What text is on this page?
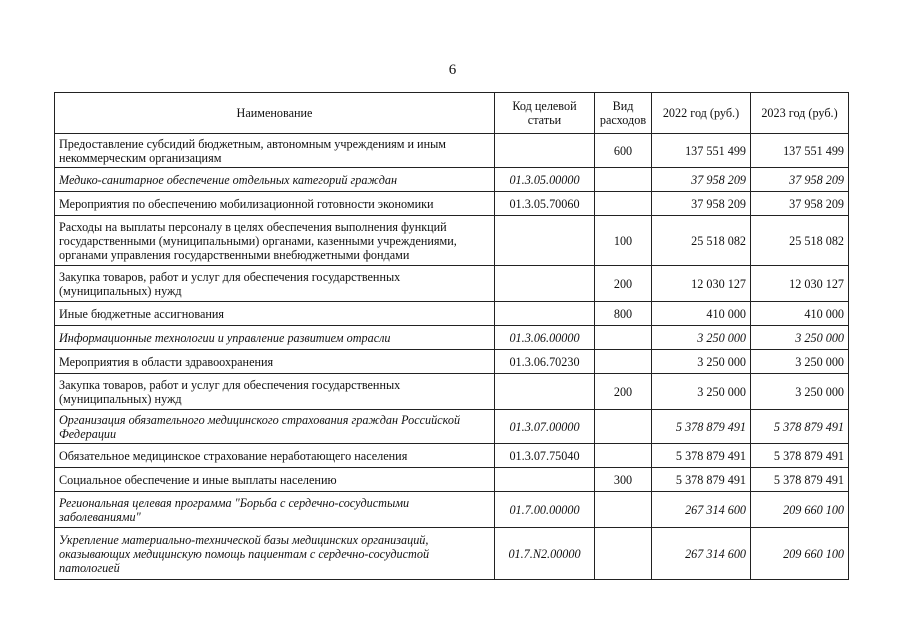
6
Наименование	Код целевой статьи	Вид расходов	2022 год (руб.)	2023 год (руб.)
Предоставление субсидий бюджетным, автономным учреждениям и иным некоммерческим организациям		600	137 551 499	137 551 499
Медико-санитарное обеспечение отдельных категорий граждан	01.3.05.00000		37 958 209	37 958 209
Мероприятия по обеспечению мобилизационной готовности экономики	01.3.05.70060		37 958 209	37 958 209
Расходы на выплаты персоналу в целях обеспечения выполнения функций государственными (муниципальными) органами, казенными учреждениями, органами управления государственными внебюджетными фондами		100	25 518 082	25 518 082
Закупка товаров, работ и услуг для обеспечения государственных (муниципальных) нужд		200	12 030 127	12 030 127
Иные бюджетные ассигнования		800	410 000	410 000
Информационные технологии и управление развитием отрасли	01.3.06.00000		3 250 000	3 250 000
Мероприятия в области здравоохранения	01.3.06.70230		3 250 000	3 250 000
Закупка товаров, работ и услуг для обеспечения государственных (муниципальных) нужд		200	3 250 000	3 250 000
Организация обязательного медицинского страхования граждан Российской Федерации	01.3.07.00000		5 378 879 491	5 378 879 491
Обязательное медицинское страхование неработающего населения	01.3.07.75040		5 378 879 491	5 378 879 491
Социальное обеспечение и иные выплаты населению		300	5 378 879 491	5 378 879 491
Региональная целевая программа "Борьба с сердечно-сосудистыми заболеваниями"	01.7.00.00000		267 314 600	209 660 100
Укрепление материально-технической базы медицинских организаций, оказывающих медицинскую помощь пациентам с сердечно-сосудистой патологией	01.7.N2.00000		267 314 600	209 660 100
